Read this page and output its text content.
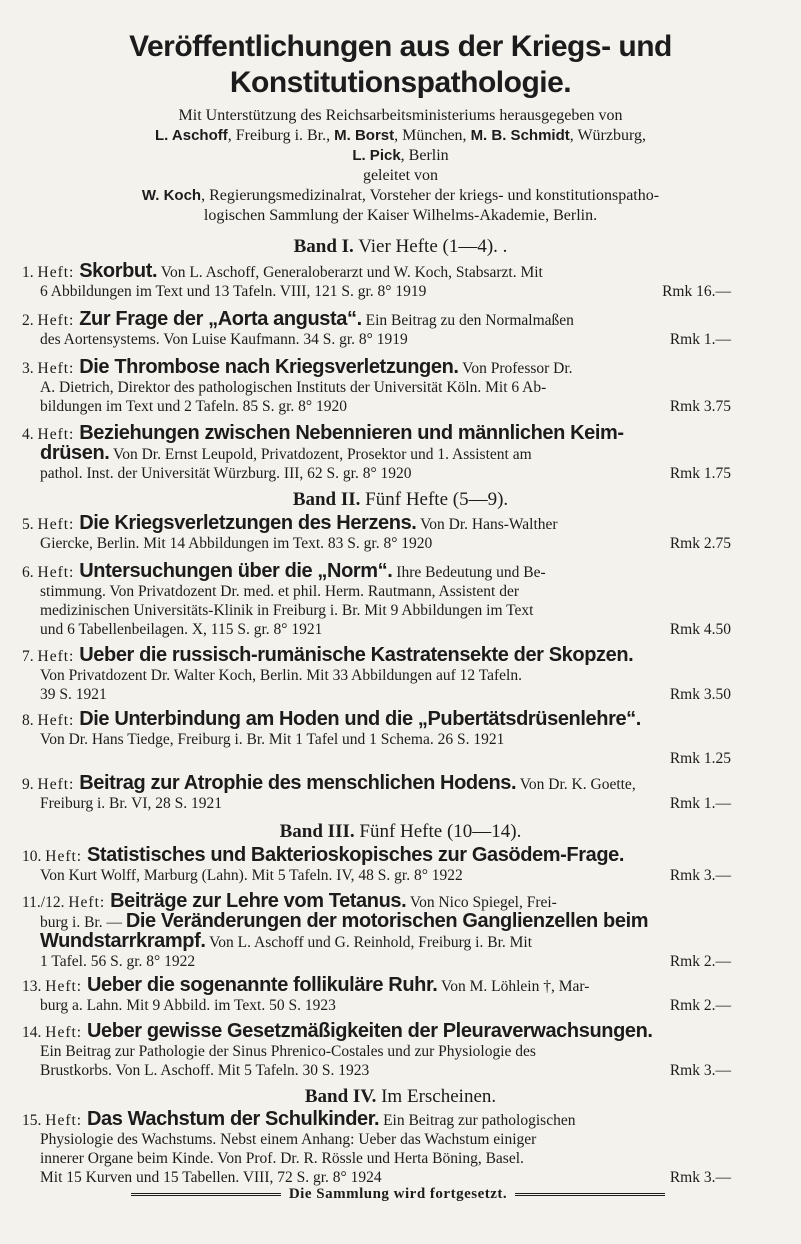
Veröffentlichungen aus der Kriegs- und
Konstitutionspathologie.
Mit Unterstützung des Reichsarbeitsministeriums herausgegeben von
L. Aschoff, Freiburg i. Br., M. Borst, München, M. B. Schmidt, Würzburg,
L. Pick, Berlin
geleitet von
W. Koch, Regierungsmedizinalrat, Vorsteher der kriegs- und konstitutionspatho-
logischen Sammlung der Kaiser Wilhelms-Akademie, Berlin.
Band I. Vier Hefte (1—4). .
1. Heft: Skorbut. Von L. Aschoff, Generaloberarzt und W. Koch, Stabsarzt. Mit
6 Abbildungen im Text und 13 Tafeln. VIII, 121 S. gr. 8° 1919	Rmk 16.—
2. Heft: Zur Frage der „Aorta angusta“. Ein Beitrag zu den Normalmaßen
des Aortensystems. Von Luise Kaufmann. 34 S. gr. 8° 1919	Rmk 1.—
3. Heft: Die Thrombose nach Kriegsverletzungen. Von Professor Dr.
A. Dietrich, Direktor des pathologischen Instituts der Universität Köln. Mit 6 Ab-
bildungen im Text und 2 Tafeln. 85 S. gr. 8° 1920	Rmk 3.75
4. Heft: Beziehungen zwischen Nebennieren und männlichen Keim-
drüsen. Von Dr. Ernst Leupold, Privatdozent, Prosektor und 1. Assistent am
pathol. Inst. der Universität Würzburg. III, 62 S. gr. 8° 1920	Rmk 1.75
Band II. Fünf Hefte (5—9).
5. Heft: Die Kriegsverletzungen des Herzens. Von Dr. Hans-Walther
Giercke, Berlin. Mit 14 Abbildungen im Text. 83 S. gr. 8° 1920	Rmk 2.75
6. Heft: Untersuchungen über die „Norm“. Ihre Bedeutung und Be-
stimmung. Von Privatdozent Dr. med. et phil. Herm. Rautmann, Assistent der
medizinischen Universitäts-Klinik in Freiburg i. Br. Mit 9 Abbildungen im Text
und 6 Tabellenbeilagen. X, 115 S. gr. 8° 1921	Rmk 4.50
7. Heft: Ueber die russisch-rumänische Kastratensekte der Skopzen.
Von Privatdozent Dr. Walter Koch, Berlin. Mit 33 Abbildungen auf 12 Tafeln.
39 S. 1921	Rmk 3.50
8. Heft: Die Unterbindung am Hoden und die „Pubertätsdrüsenlehre“.
Von Dr. Hans Tiedge, Freiburg i. Br. Mit 1 Tafel und 1 Schema. 26 S. 1921
Rmk 1.25
9. Heft: Beitrag zur Atrophie des menschlichen Hodens. Von Dr. K. Goette,
Freiburg i. Br. VI, 28 S. 1921	Rmk 1.—
Band III. Fünf Hefte (10—14).
10. Heft: Statistisches und Bakterioskopisches zur Gasödem-Frage.
Von Kurt Wolff, Marburg (Lahn). Mit 5 Tafeln. IV, 48 S. gr. 8° 1922	Rmk 3.—
11./12. Heft: Beiträge zur Lehre vom Tetanus. Von Nico Spiegel, Frei-
burg i. Br. — Die Veränderungen der motorischen Ganglienzellen beim
Wundstarrkrampf. Von L. Aschoff und G. Reinhold, Freiburg i. Br. Mit
1 Tafel. 56 S. gr. 8° 1922	Rmk 2.—
13. Heft: Ueber die sogenannte follikuläre Ruhr. Von M. Löhlein †, Mar-
burg a. Lahn. Mit 9 Abbild. im Text. 50 S. 1923	Rmk 2.—
14. Heft: Ueber gewisse Gesetzmäßigkeiten der Pleuraverwachsungen.
Ein Beitrag zur Pathologie der Sinus Phrenico-Costales und zur Physiologie des
Brustkorbs. Von L. Aschoff. Mit 5 Tafeln. 30 S. 1923	Rmk 3.—
Band IV. Im Erscheinen.
15. Heft: Das Wachstum der Schulkinder. Ein Beitrag zur pathologischen
Physiologie des Wachstums. Nebst einem Anhang: Ueber das Wachstum einiger
innerer Organe beim Kinde. Von Prof. Dr. R. Rössle und Herta Böning, Basel.
Mit 15 Kurven und 15 Tabellen. VIII, 72 S. gr. 8° 1924	Rmk 3.—
Die Sammlung wird fortgesetzt.
